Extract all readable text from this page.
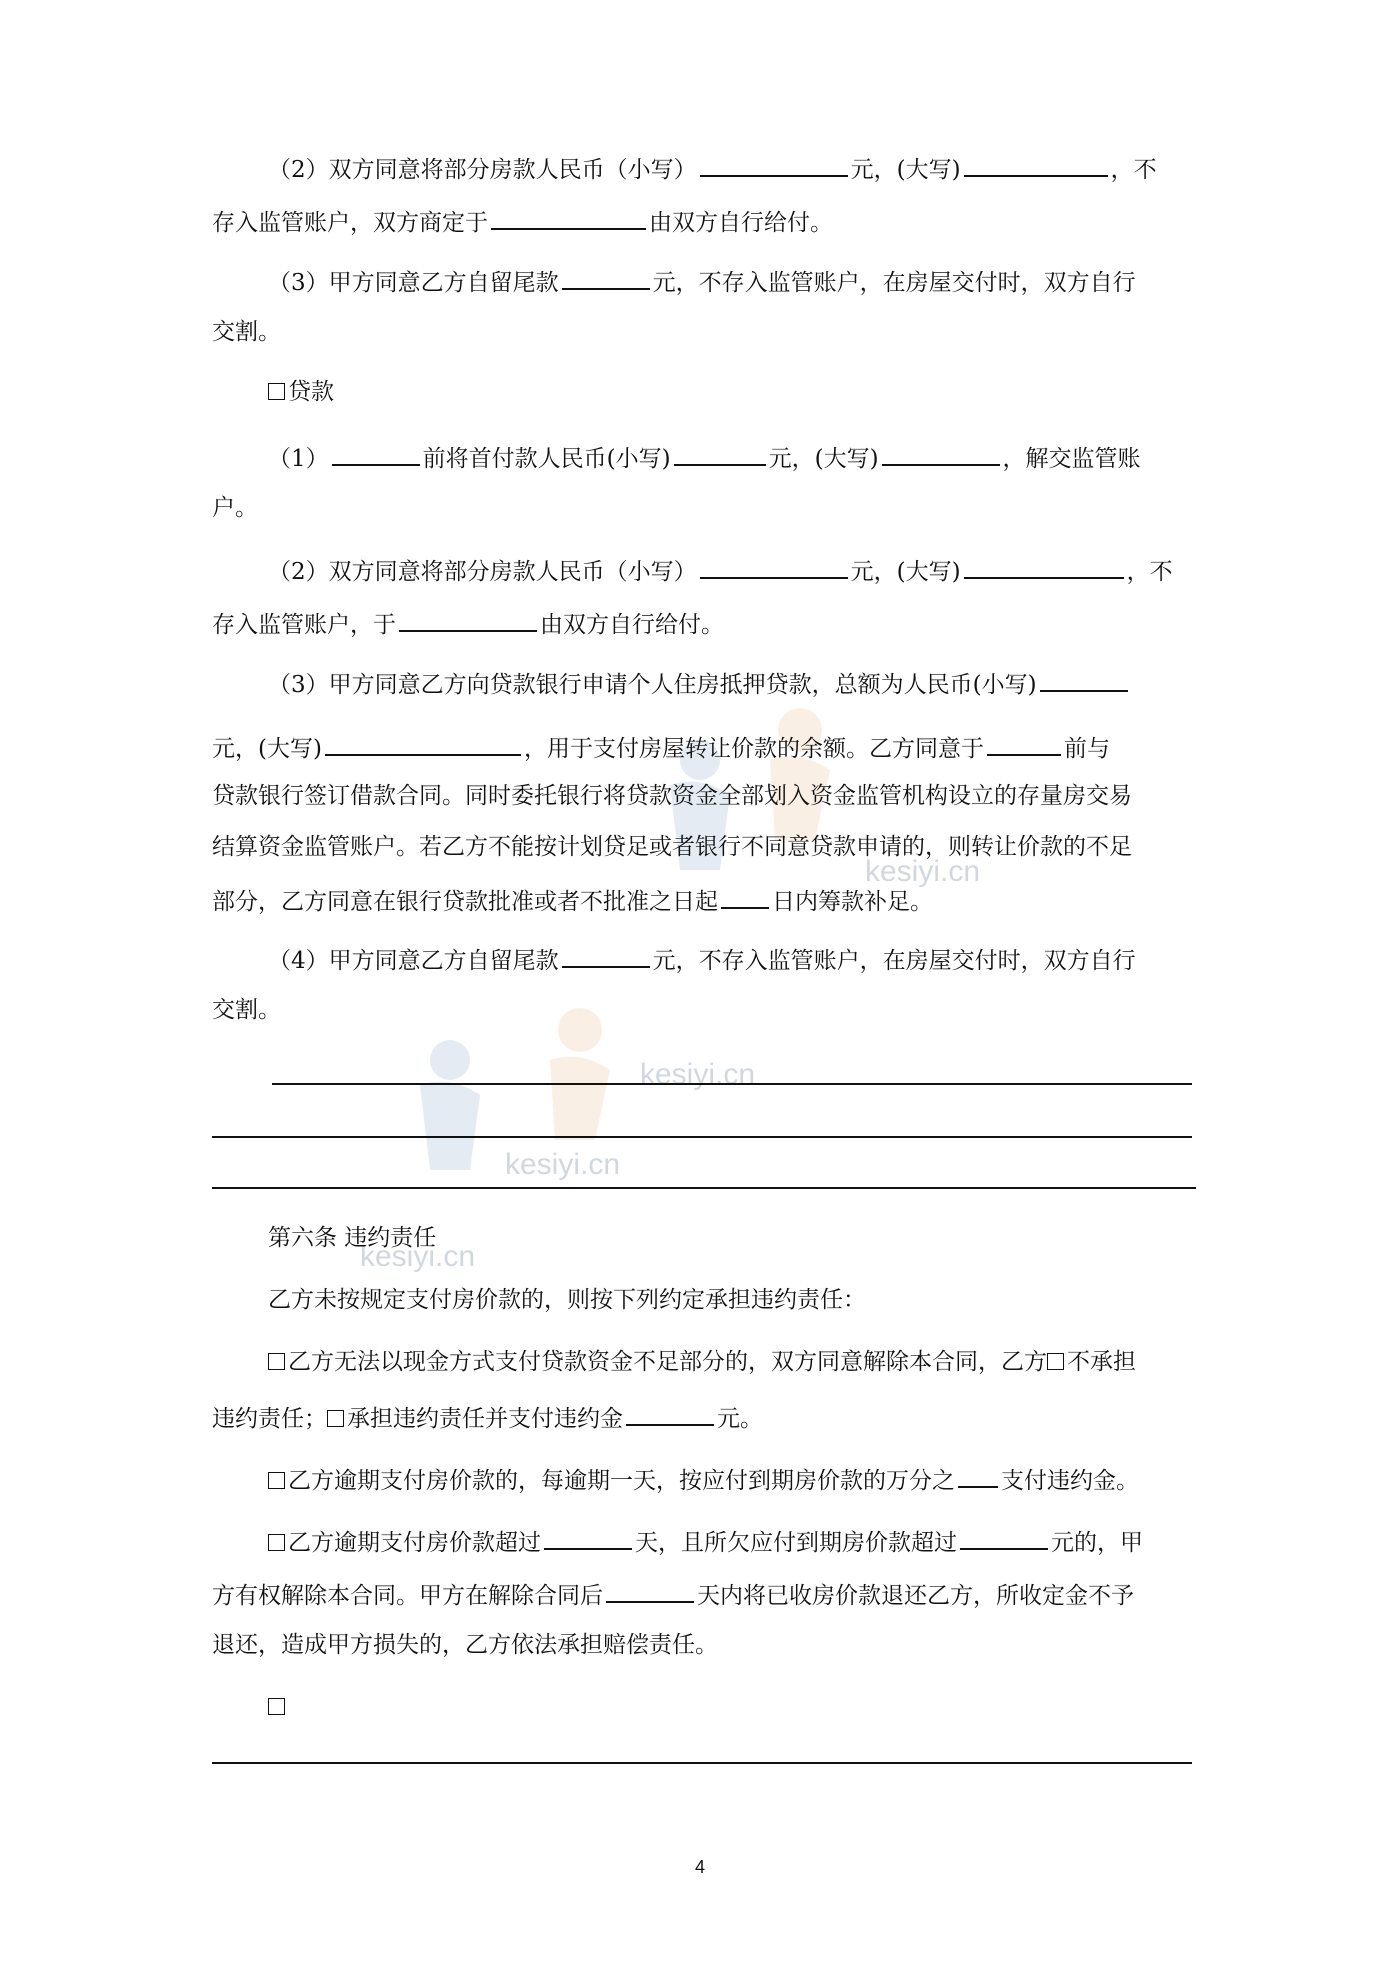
kesiyi.cn
kesiyi.cn
kesiyi.cn
kesiyi.cn
（2）双方同意将部分房款人民币（小写）	元，(大写)	，不
存入监管账户，双方商定于	由双方自行给付。
（3）甲方同意乙方自留尾款	元，不存入监管账户，在房屋交付时，双方自行
交割。
贷款
（1）	前将首付款人民币(小写)	元，(大写)	，解交监管账
户。
（2）双方同意将部分房款人民币（小写）	元，(大写)	，不
存入监管账户，于	由双方自行给付。
（3）甲方同意乙方向贷款银行申请个人住房抵押贷款，总额为人民币(小写)
元，(大写)	，用于支付房屋转让价款的余额。乙方同意于	前与
贷款银行签订借款合同。同时委托银行将贷款资金全部划入资金监管机构设立的存量房交易
结算资金监管账户。若乙方不能按计划贷足或者银行不同意贷款申请的，则转让价款的不足
部分，乙方同意在银行贷款批准或者不批准之日起 日内筹款补足。
（4）甲方同意乙方自留尾款	元，不存入监管账户，在房屋交付时，双方自行
交割。
第六条 违约责任
乙方未按规定支付房价款的，则按下列约定承担违约责任：
乙方无法以现金方式支付贷款资金不足部分的，双方同意解除本合同，乙方 不承担
违约责任； 承担违约责任并支付违约金	元。
乙方逾期支付房价款的，每逾期一天，按应付到期房价款的万分之 支付违约金。
乙方逾期支付房价款超过	天，且所欠应付到期房价款超过	元的，甲
方有权解除本合同。甲方在解除合同后	天内将已收房价款退还乙方，所收定金不予
退还，造成甲方损失的，乙方依法承担赔偿责任。
4
